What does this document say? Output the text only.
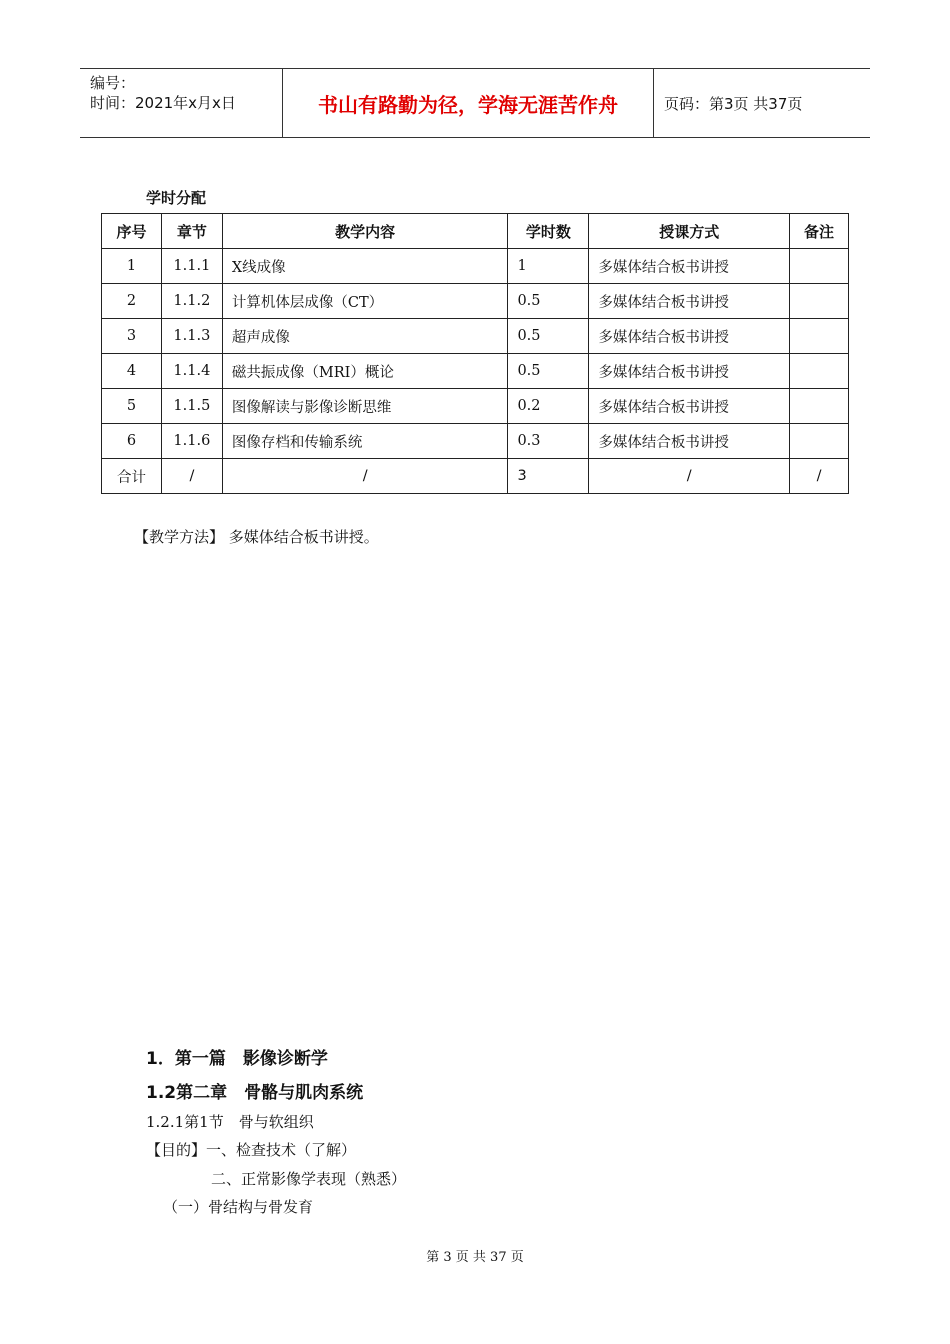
编号：
时间：2021年x月x日	书山有路勤为径，学海无涯苦作舟	页码：第3页 共37页
学时分配
序号	章节	教学内容	学时数	授课方式	备注
1	1.1.1	X线成像	1	多媒体结合板书讲授	
2	1.1.2	计算机体层成像（CT）	0.5	多媒体结合板书讲授	
3	1.1.3	超声成像	0.5	多媒体结合板书讲授	
4	1.1.4	磁共振成像（MRI）概论	0.5	多媒体结合板书讲授	
5	1.1.5	图像解读与影像诊断思维	0.2	多媒体结合板书讲授	
6	1.1.6	图像存档和传输系统	0.3	多媒体结合板书讲授	
合计	/	/	3	/	/
【教学方法】 多媒体结合板书讲授。
1．第一篇　影像诊断学
1.2第二章　骨骼与肌肉系统
1.2.1第1节　骨与软组织
【目的】一、检查技术（了解）
二、正常影像学表现（熟悉）
（一）骨结构与骨发育
第 3 页 共 37 页
